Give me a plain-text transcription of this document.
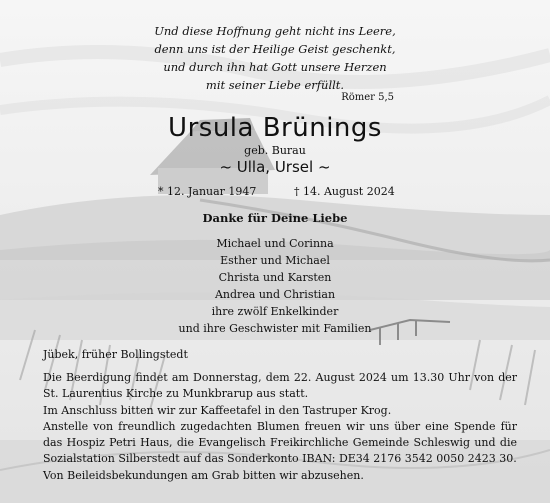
Und diese Hoffnung geht nicht ins Leere,
denn uns ist der Heilige Geist geschenkt,
und durch ihn hat Gott unsere Herzen
mit seiner Liebe erfüllt.
Römer 5,5
Ursula Brünings
geb. Burau
~ Ulla, Ursel ~
* 12. Januar 1947	† 14. August 2024
Danke für Deine Liebe
Michael und Corinna
Esther und Michael
Christa und Karsten
Andrea und Christian
ihre zwölf Enkelkinder
und ihre Geschwister mit Familien
Jübek, früher Bollingstedt

Die Beerdigung findet am Donnerstag, dem 22. August 2024 um 13.30 Uhr von der St. Laurentius Kirche zu Munkbrarup aus statt.

Im Anschluss bitten wir zur Kaffeetafel in den Tastruper Krog.

Anstelle von freundlich zugedachten Blumen freuen wir uns über eine Spende für das Hospiz Petri Haus, die Evangelisch Freikirchliche Gemeinde Schleswig und die Sozialstation Silberstedt auf das Sonderkonto IBAN: DE34 2176 3542 0050 2423 30.

Von Beileidsbekundungen am Grab bitten wir abzusehen.
